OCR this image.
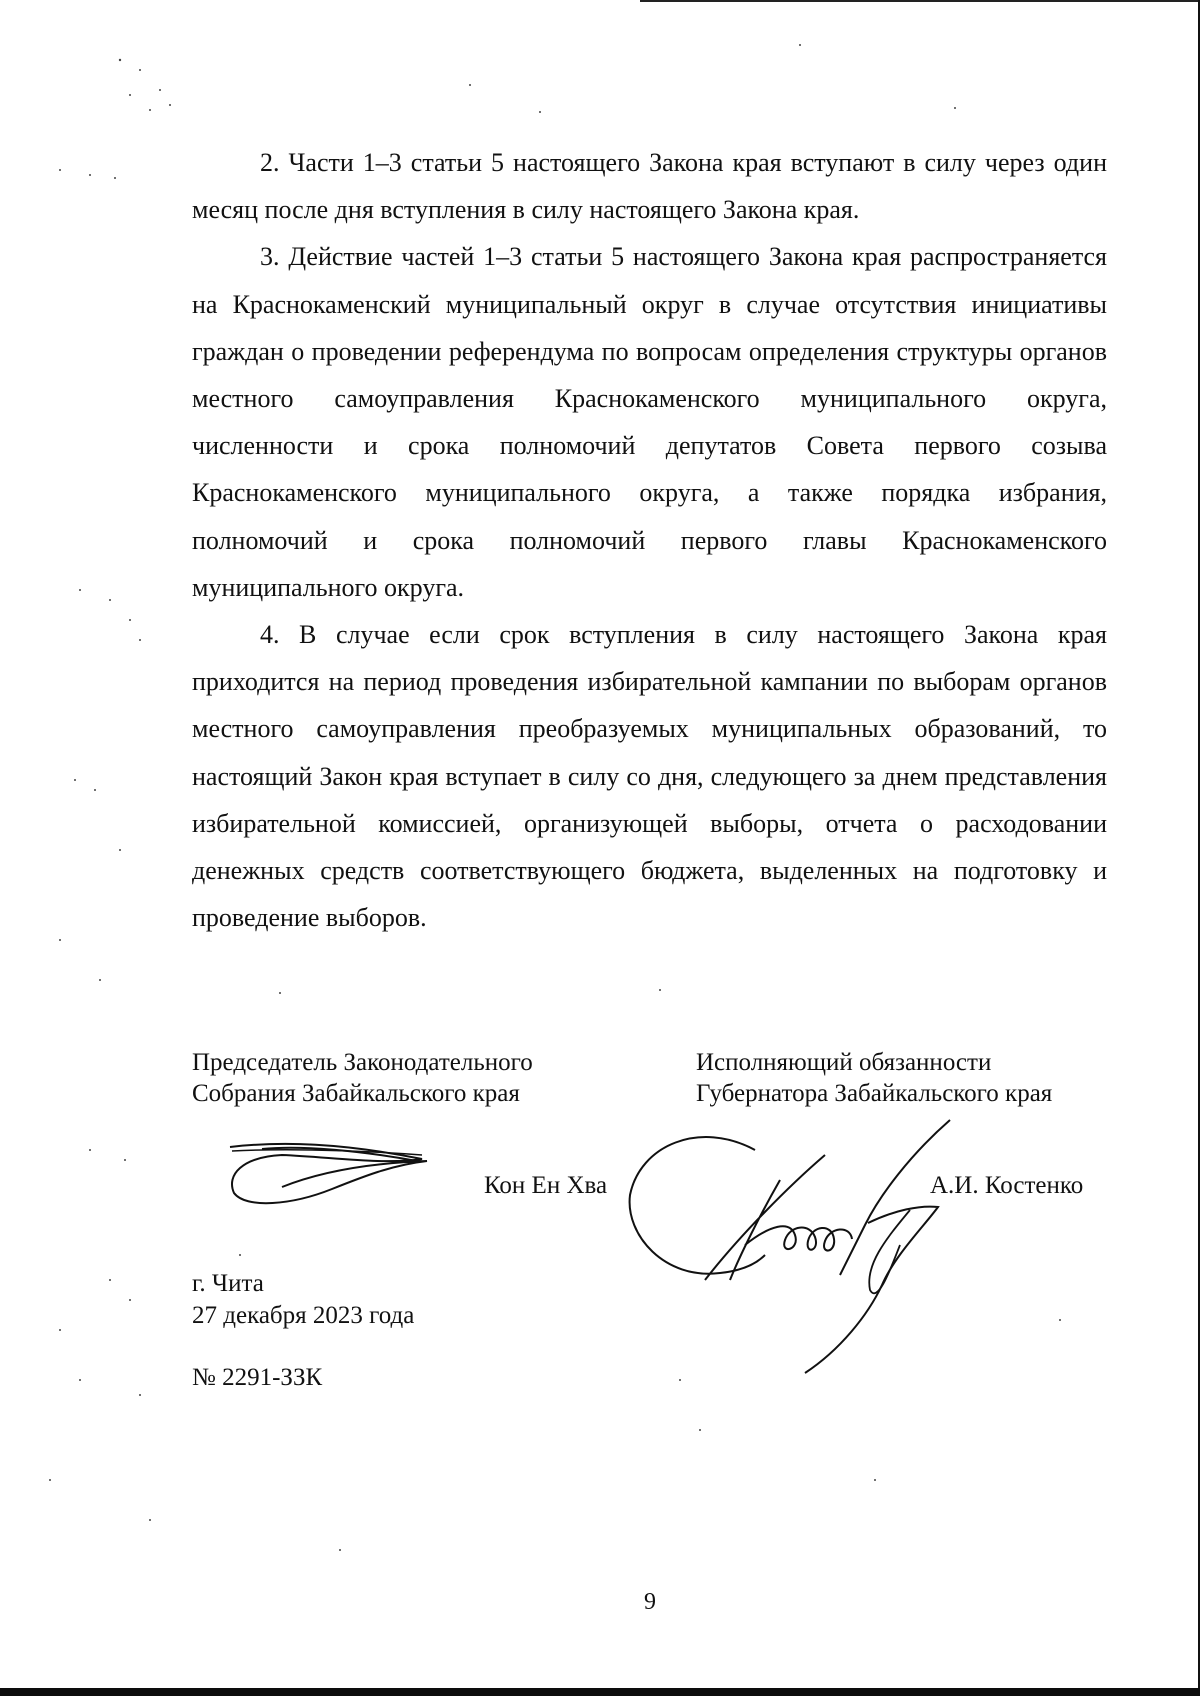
2. Части 1–3 статьи 5 настоящего Закона края вступают в силу через один месяц после дня вступления в силу настоящего Закона края.

3. Действие частей 1–3 статьи 5 настоящего Закона края распространяется на Краснокаменский муниципальный округ в случае отсутствия инициативы граждан о проведении референдума по вопросам определения структуры органов местного самоуправления Краснокаменского муниципального округа, численности и срока полномочий депутатов Совета первого созыва Краснокаменского муниципального округа, а также порядка избрания, полномочий и срока полномочий первого главы Краснокаменского муниципального округа.

4. В случае если срок вступления в силу настоящего Закона края приходится на период проведения избирательной кампании по выборам органов местного самоуправления преобразуемых муниципальных образований, то настоящий Закон края вступает в силу со дня, следующего за днем представления избирательной комиссией, организующей выборы, отчета о расходовании денежных средств соответствующего бюджета, выделенных на подготовку и проведение выборов.

Председатель Законодательного
Собрания Забайкальского края
Исполняющий обязанности
Губернатора Забайкальского края
Кон Ен Хва	А.И. Костенко
г. Чита
27 декабря 2023 года
№ 2291-ЗЗК
9
